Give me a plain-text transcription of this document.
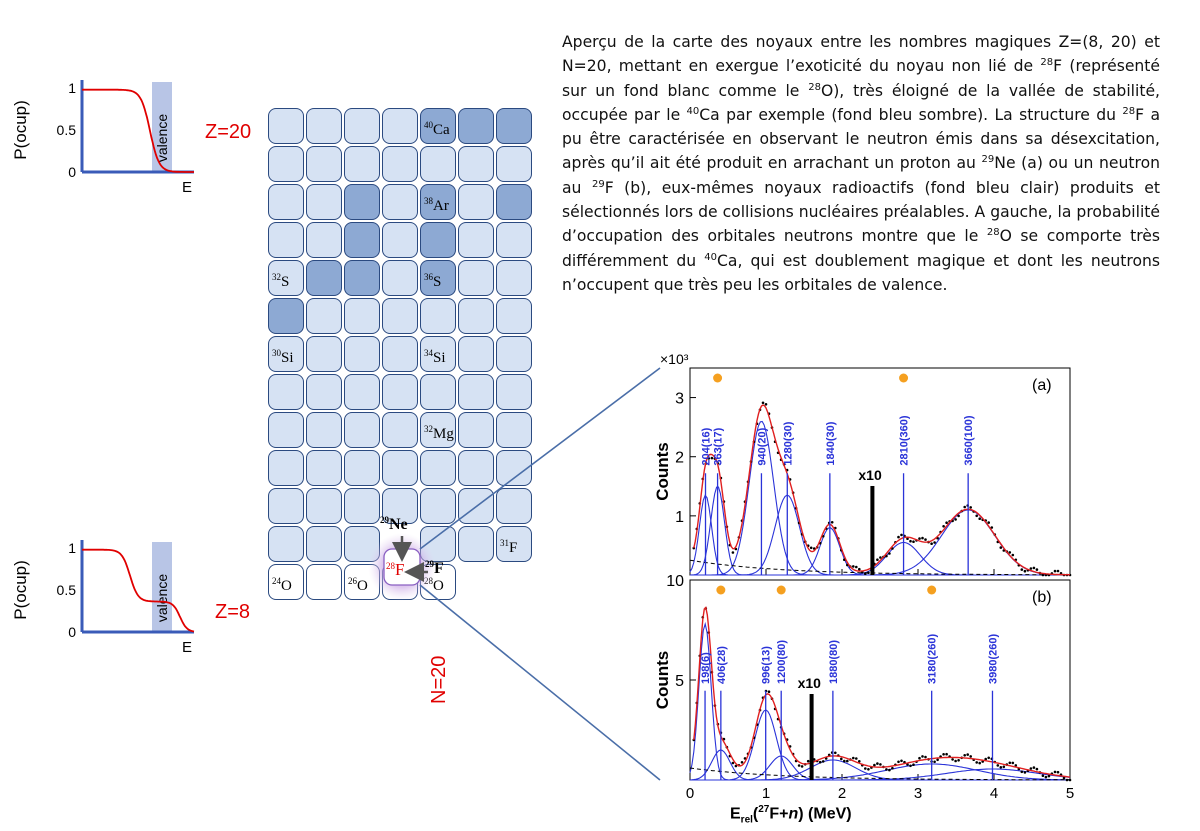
Aperçu de la carte des noyaux entre les nombres magiques Z=(8, 20) et N=20, mettant en exergue l’exoticité du noyau non lié de $^{28}$F (représenté sur un fond blanc comme le $^{28}$O), très éloigné de la vallée de stabilité, occupée par le $^{40}$Ca par exemple (fond bleu sombre). La structure du $^{28}$F a pu être caractérisée en observant le neutron émis dans sa désexcitation, après qu’il ait été produit en arrachant un proton au $^{29}$Ne (a) ou un neutron au $^{29}$F (b), eux-mêmes noyaux radioactifs (fond bleu clair) produits et sélectionnés lors de collisions nucléaires préalables. A gauche, la probabilité d’occupation des orbitales neutrons montre que le $^{28}$O se comporte très différemment du $^{40}$Ca, qui est doublement magique et dont les neutrons n’occupent que très peu les orbitales de valence.
$^{40}$Ca
$^{38}$Ar
$^{32}$S	$^{36}$S
$^{30}$Si	$^{34}$Si
$^{32}$Mg
$^{31}$F
$^{24}$O	$^{26}$O	O
Z=20
Z=8
N=20
1
0.5
0
P(ocup)
E
valence
1
0.5
0
P(ocup)
E
valence
1
2
3
Counts
(a)
×10³
204(16) 363(17)	940(20) 1280(30)	1840(30)	2810(360)	3660(100)
x10
5
10
Counts
(b)
198(6) 406(28)	996(13) 1200(80)	1880(80)	3180(260)	3980(260)
x10
0	1	2	3	4	5
$^{29}$Ne
$^{28}$F $^{29}$F
$E_{rel}(^{27}F+n)$ (MeV)
